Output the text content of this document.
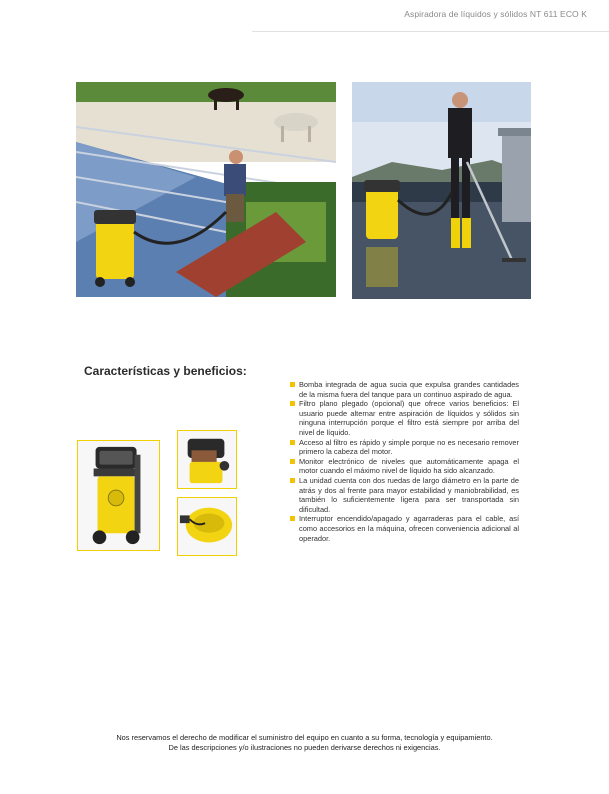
Aspiradora de líquidos y sólidos NT 611 ECO K
Características y beneficios:
Bomba integrada de agua sucia que expulsa grandes cantidades de la misma fuera del tanque para un continuo aspirado de agua.
Filtro plano plegado (opcional) que ofrece varios beneficios: El usuario puede alternar entre aspiración de líquidos y sólidos sin ninguna interrupción porque el filtro está siempre por arriba del nivel de líquido.
Acceso al filtro es rápido y simple porque no es necesario remover primero la cabeza del motor.
Monitor electrónico de niveles que automáticamente apaga el motor cuando el máximo nivel de líquido ha sido alcanzado.
La unidad cuenta con dos ruedas de largo diámetro en la parte de atrás y dos al frente para mayor estabilidad y maniobrabilidad, es también lo suficientemente ligera para ser transportada sin dificultad.
Interruptor encendido/apagado y agarraderas para el cable, así como accesorios en la máquina, ofrecen conveniencia adicional al operador.
Nos reservamos el derecho de modificar el suministro del equipo en cuanto a su forma, tecnología y equipamiento.
De las descripciones y/o ilustraciones no pueden derivarse derechos ni exigencias.
